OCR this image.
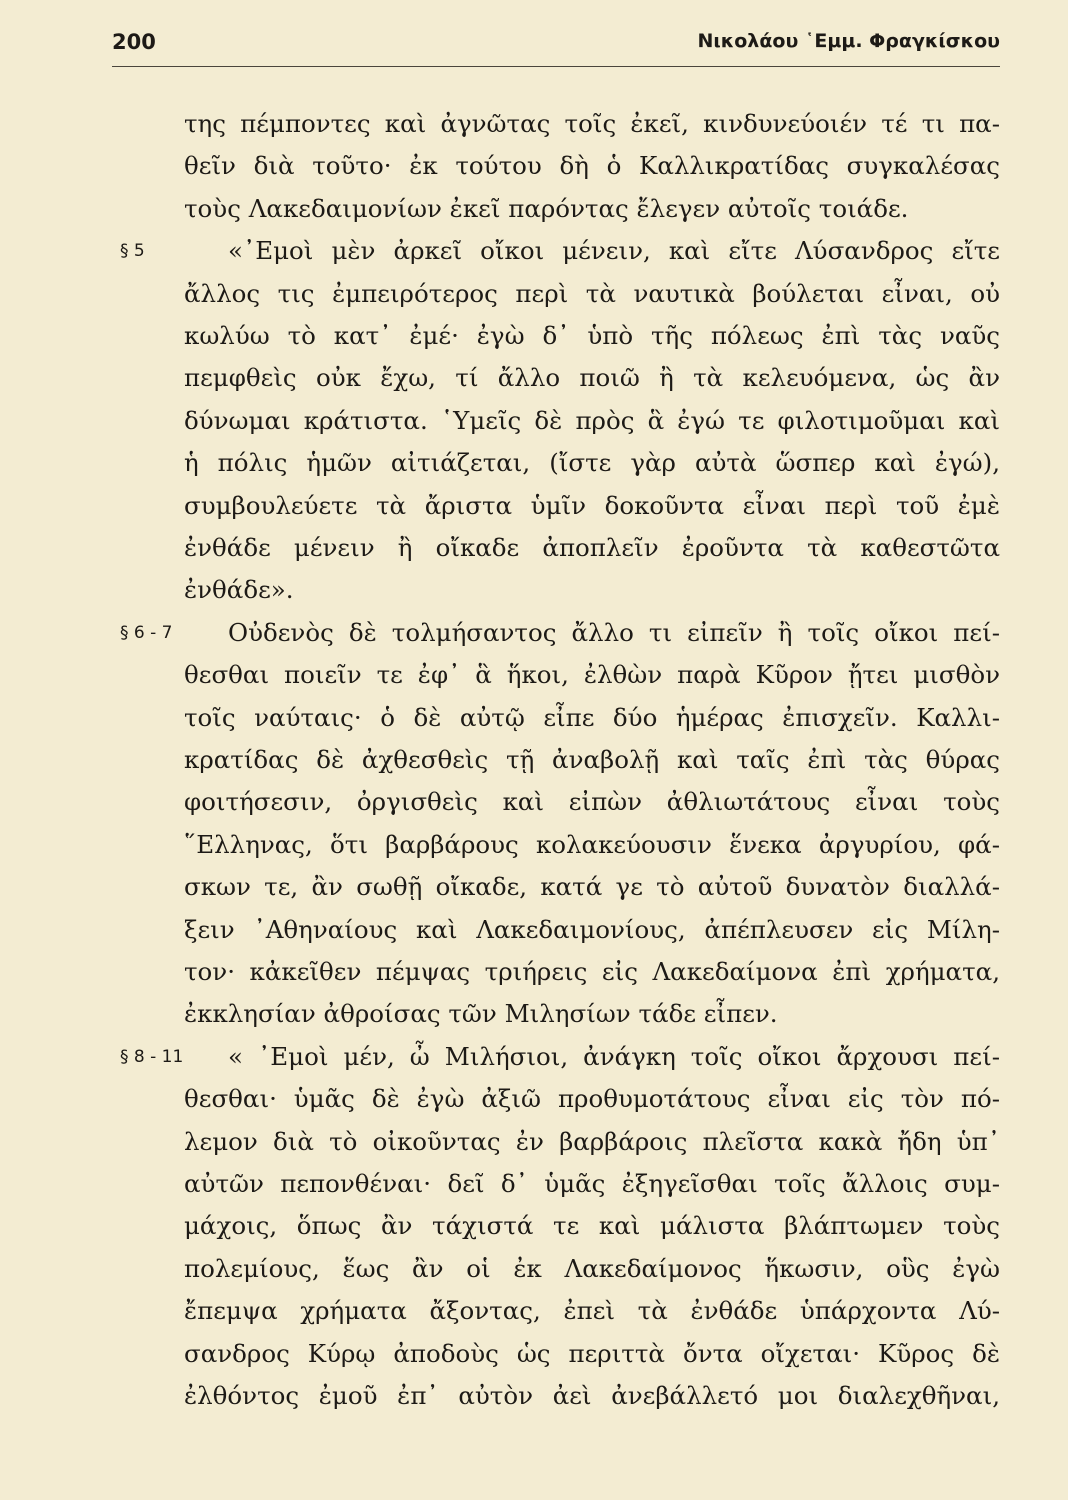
200	Νικολάου ῾Εμμ. Φραγκίσκου
της πέμποντες καὶ ἀγνῶτας τοῖς ἐκεῖ, κινδυνεύοιέν τέ τι πα-
θεῖν διὰ τοῦτο· ἐκ τούτου δὴ ὁ Καλλικρατίδας συγκαλέσας
τοὺς Λακεδαιμονίων ἐκεῖ παρόντας ἔλεγεν αὐτοῖς τοιάδε.
«᾿Εμοὶ μὲν ἀρκεῖ οἴκοι μένειν, καὶ εἴτε Λύσανδρος εἴτε
§ 5
ἄλλος τις ἐμπειρότερος περὶ τὰ ναυτικὰ βούλεται εἶναι, οὐ
κωλύω τὸ κατ᾿ ἐμέ· ἐγὼ δ᾿ ὑπὸ τῆς πόλεως ἐπὶ τὰς ναῦς
πεμφθεὶς οὐκ ἔχω, τί ἄλλο ποιῶ ἢ τὰ κελευόμενα, ὡς ἂν
δύνωμαι κράτιστα. ῾Υμεῖς δὲ πρὸς ἃ ἐγώ τε φιλοτιμοῦμαι καὶ
ἡ πόλις ἡμῶν αἰτιάζεται, (ἴστε γὰρ αὐτὰ ὥσπερ καὶ ἐγώ),
συμβουλεύετε τὰ ἄριστα ὑμῖν δοκοῦντα εἶναι περὶ τοῦ ἐμὲ
ἐνθάδε μένειν ἢ οἴκαδε ἀποπλεῖν ἐροῦντα τὰ καθεστῶτα
ἐνθάδε».
Οὐδενὸς δὲ τολμήσαντος ἄλλο τι εἰπεῖν ἢ τοῖς οἴκοι πεί-
§ 6 - 7
θεσθαι ποιεῖν τε ἐφ᾿ ἃ ἥκοι, ἐλθὼν παρὰ Κῦρον ᾔτει μισθὸν
τοῖς ναύταις· ὁ δὲ αὐτῷ εἶπε δύο ἡμέρας ἐπισχεῖν. Καλλι-
κρατίδας δὲ ἀχθεσθεὶς τῇ ἀναβολῇ καὶ ταῖς ἐπὶ τὰς θύρας
φοιτήσεσιν, ὀργισθεὶς καὶ εἰπὼν ἀθλιωτάτους εἶναι τοὺς
῞Ελληνας, ὅτι βαρβάρους κολακεύουσιν ἕνεκα ἀργυρίου, φά-
σκων τε, ἂν σωθῇ οἴκαδε, κατά γε τὸ αὐτοῦ δυνατὸν διαλλά-
ξειν ᾿Αθηναίους καὶ Λακεδαιμονίους, ἀπέπλευσεν εἰς Μίλη-
τον· κἀκεῖθεν πέμψας τριήρεις εἰς Λακεδαίμονα ἐπὶ χρήματα,
ἐκκλησίαν ἀθροίσας τῶν Μιλησίων τάδε εἶπεν.
« ᾿Εμοὶ μέν, ὦ Μιλήσιοι, ἀνάγκη τοῖς οἴκοι ἄρχουσι πεί-
§ 8 - 11
θεσθαι· ὑμᾶς δὲ ἐγὼ ἀξιῶ προθυμοτάτους εἶναι εἰς τὸν πό-
λεμον διὰ τὸ οἰκοῦντας ἐν βαρβάροις πλεῖστα κακὰ ἤδη ὑπ᾿
αὐτῶν πεπονθέναι· δεῖ δ᾿ ὑμᾶς ἐξηγεῖσθαι τοῖς ἄλλοις συμ-
μάχοις, ὅπως ἂν τάχιστά τε καὶ μάλιστα βλάπτωμεν τοὺς
πολεμίους, ἕως ἂν οἱ ἐκ Λακεδαίμονος ἥκωσιν, οὓς ἐγὼ
ἔπεμψα χρήματα ἄξοντας, ἐπεὶ τὰ ἐνθάδε ὑπάρχοντα Λύ-
σανδρος Κύρῳ ἀποδοὺς ὡς περιττὰ ὄντα οἴχεται· Κῦρος δὲ
ἐλθόντος ἐμοῦ ἐπ᾿ αὐτὸν ἀεὶ ἀνεβάλλετό μοι διαλεχθῆναι,
